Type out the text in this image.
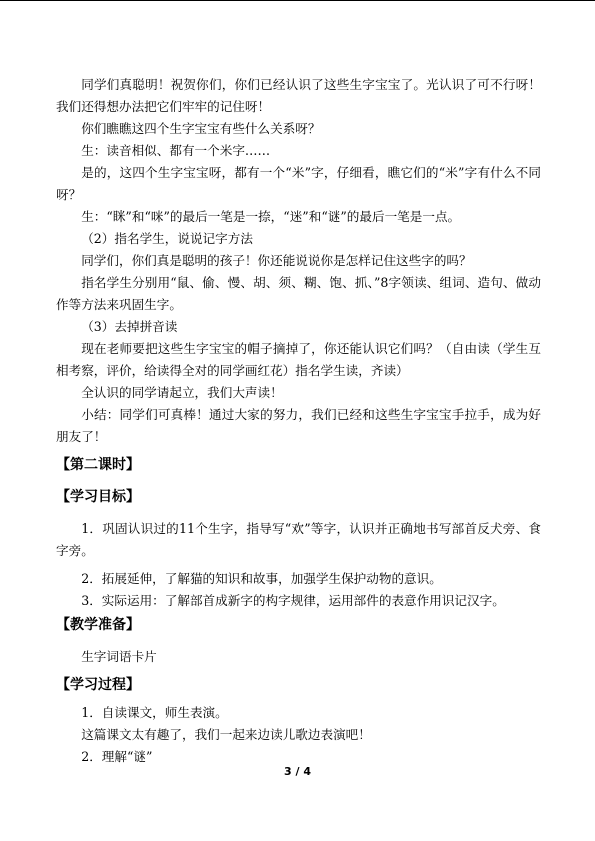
同学们真聪明！祝贺你们，你们已经认识了这些生字宝宝了。光认识了可不行呀！我们还得想办法把它们牢牢的记住呀！

你们瞧瞧这四个生字宝宝有些什么关系呀？

生：读音相似、都有一个米字……

是的，这四个生字宝宝呀，都有一个“米”字，仔细看，瞧它们的“米”字有什么不同呀？

生：“眯”和“咪”的最后一笔是一捺，“迷”和“谜”的最后一笔是一点。

（2）指名学生，说说记字方法

同学们，你们真是聪明的孩子！你还能说说你是怎样记住这些字的吗？

指名学生分别用“鼠、偷、慢、胡、须、糊、饱、抓、”8字领读、组词、造句、做动作等方法来巩固生字。

（3）去掉拼音读

现在老师要把这些生字宝宝的帽子摘掉了，你还能认识它们吗？（自由读（学生互相考察，评价，给读得全对的同学画红花）指名学生读，齐读）

全认识的同学请起立，我们大声读！

小结：同学们可真棒！通过大家的努力，我们已经和这些生字宝宝手拉手，成为好朋友了！

【第二课时】

【学习目标】

1．巩固认识过的11个生字，指导写“欢”等字，认识并正确地书写部首反犬旁、食字旁。

2．拓展延伸，了解猫的知识和故事，加强学生保护动物的意识。

3．实际运用：了解部首成新字的构字规律，运用部件的表意作用识记汉字。

【教学准备】

生字词语卡片

【学习过程】

1．自读课文，师生表演。

这篇课文太有趣了，我们一起来边读儿歌边表演吧！

2．理解“谜”

3 / 4
